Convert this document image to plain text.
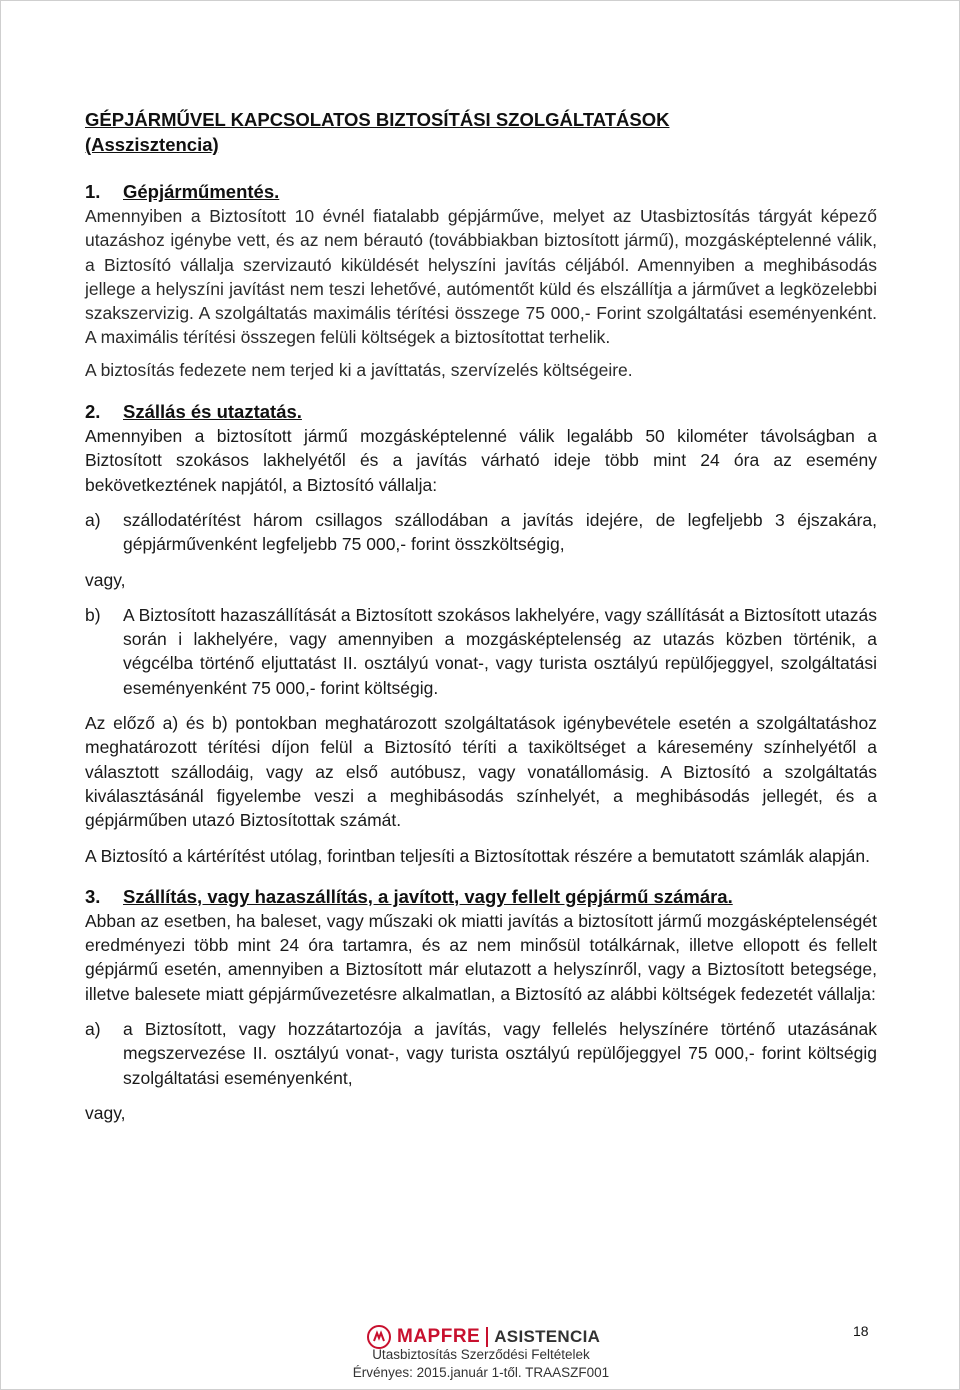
GÉPJÁRMŰVEL KAPCSOLATOS BIZTOSÍTÁSI SZOLGÁLTATÁSOK
(Asszisztencia)
1. Gépjárműmentés.

Amennyiben a Biztosított 10 évnél fiatalabb gépjárműve, melyet az Utasbiztosítás tárgyát képező utazáshoz igénybe vett, és az nem bérautó (továbbiakban biztosított jármű), mozgásképtelenné válik, a Biztosító vállalja szervizautó kiküldését helyszíni javítás céljából. Amennyiben a meghibásodás jellege a helyszíni javítást nem teszi lehetővé, autómentőt küld és elszállítja a járművet a legközelebbi szakszervizig. A szolgáltatás maximális térítési összege 75 000,- Forint szolgáltatási eseményenként. A maximális térítési összegen felüli költségek a biztosítottat terhelik.

A biztosítás fedezete nem terjed ki a javíttatás, szervízelés költségeire.

2. Szállás és utaztatás.

Amennyiben a biztosított jármű mozgásképtelenné válik legalább 50 kilométer távolságban a Biztosított szokásos lakhelyétől és a javítás várható ideje több mint 24 óra az esemény bekövetkeztének napjától, a Biztosító vállalja:

a) szállodatérítést három csillagos szállodában a javítás idejére, de legfeljebb 3 éjszakára, gépjárművenként legfeljebb 75 000,- forint összköltségig,

vagy,

b) A Biztosított hazaszállítását a Biztosított szokásos lakhelyére, vagy szállítását a Biztosított utazás során i lakhelyére, vagy amennyiben a mozgásképtelenség az utazás közben történik, a végcélba történő eljuttatást II. osztályú vonat-, vagy turista osztályú repülőjeggyel, szolgáltatási eseményenként 75 000,- forint költségig.

Az előző a) és b) pontokban meghatározott szolgáltatások igénybevétele esetén a szolgáltatáshoz meghatározott térítési díjon felül a Biztosító téríti a taxiköltséget a káresemény színhelyétől a választott szállodáig, vagy az első autóbusz, vagy vonatállomásig. A Biztosító a szolgáltatás kiválasztásánál figyelembe veszi a meghibásodás színhelyét, a meghibásodás jellegét, és a gépjárműben utazó Biztosítottak számát.

A Biztosító a kártérítést utólag, forintban teljesíti a Biztosítottak részére a bemutatott számlák alapján.

3. Szállítás, vagy hazaszállítás, a javított, vagy fellelt gépjármű számára.

Abban az esetben, ha baleset, vagy műszaki ok miatti javítás a biztosított jármű mozgásképtelenségét eredményezi több mint 24 óra tartamra, és az nem minősül totálkárnak, illetve ellopott és fellelt gépjármű esetén, amennyiben a Biztosított már elutazott a helyszínről, vagy a Biztosított betegsége, illetve balesete miatt gépjárművezetésre alkalmatlan, a Biztosító az alábbi költségek fedezetét vállalja:

a) a Biztosított, vagy hozzátartozója a javítás, vagy fellelés helyszínére történő utazásának megszervezése II. osztályú vonat-, vagy turista osztályú repülőjeggyel 75 000,- forint költségig szolgáltatási eseményenként,

vagy,

MAPFRE ASISTENCIA
Utasbiztosítás Szerződési Feltételek
Érvényes: 2015.január 1-től. TRAASZF001
18
